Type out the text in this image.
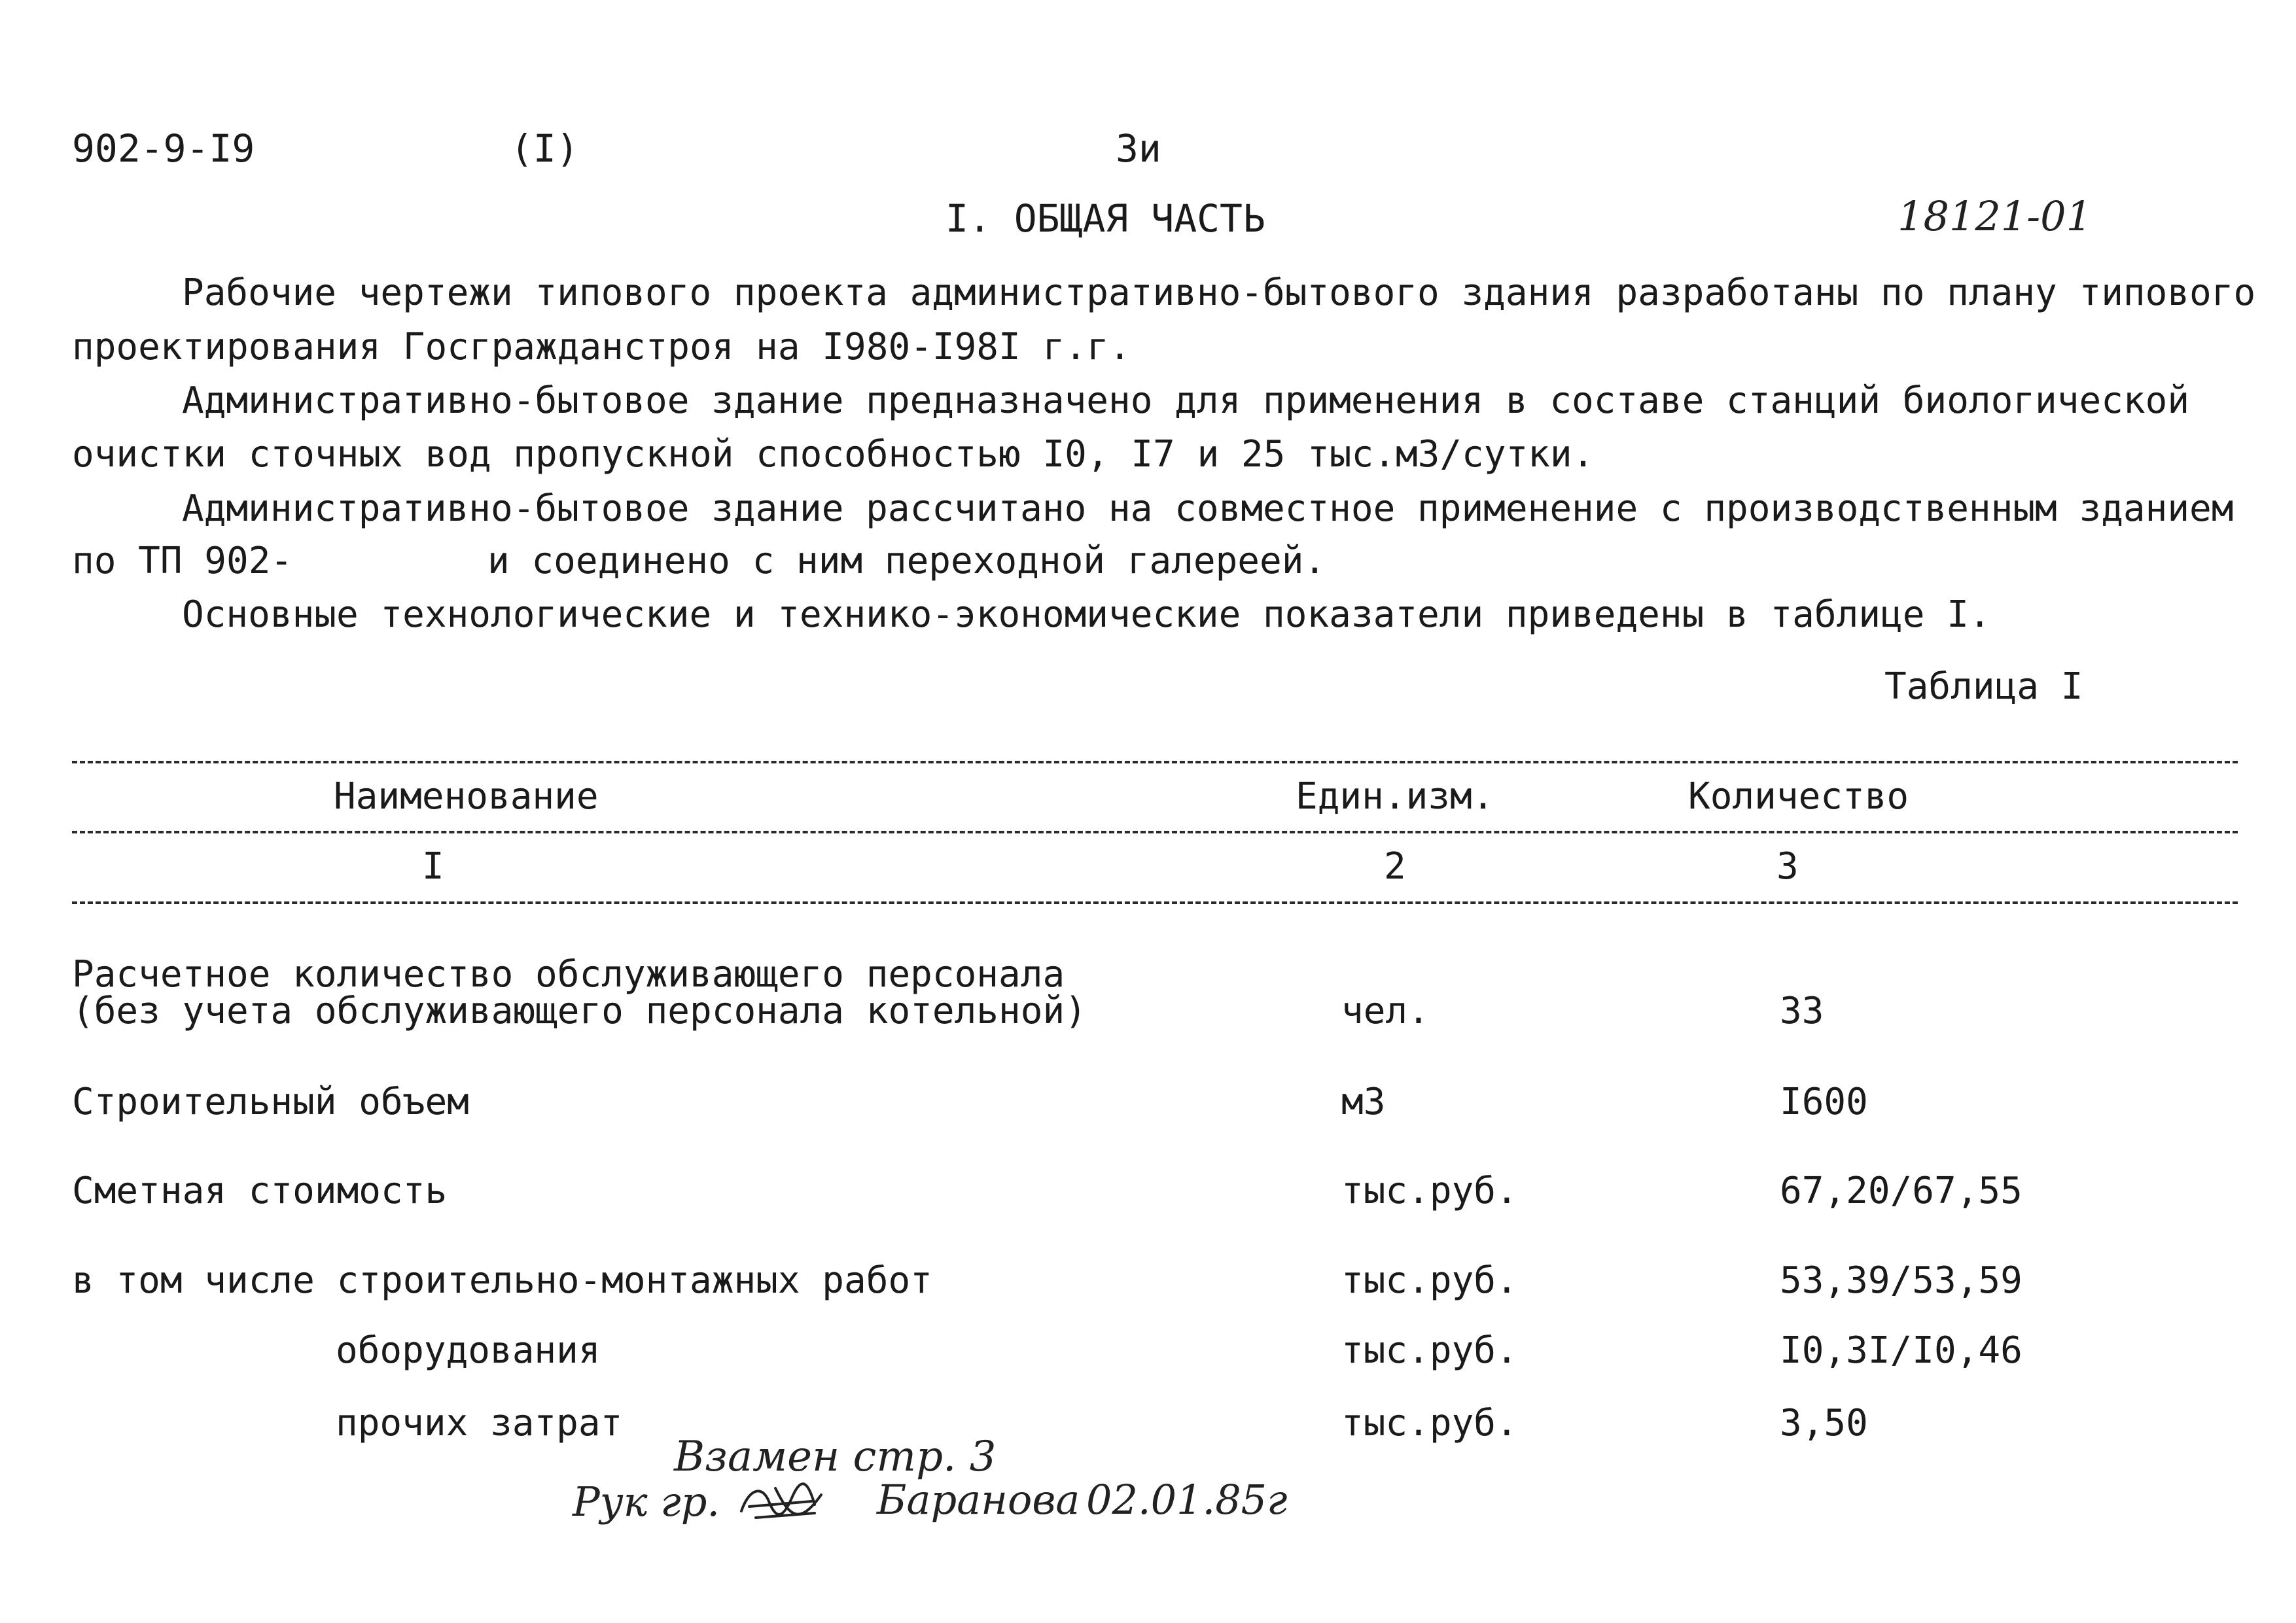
902-9-I9	(I)	3и
I. ОБЩАЯ ЧАСТЬ	18121-01
Рабочие чертежи типового проекта административно-бытового здания разработаны по плану типового
проектирования Госгражданстроя на I980-I98I г.г.
Административно-бытовое здание предназначено для применения в составе станций биологической
очистки сточных вод пропускной способностью I0, I7 и 25 тыс.м3/сутки.
Административно-бытовое здание рассчитано на совместное применение с производственным зданием
по ТП 902-	и соединено с ним переходной галереей.
Основные технологические и технико-экономические показатели приведены в таблице I.
Таблица I
Наименование	Един.изм.	Количество
I	2	3
Расчетное количество обслуживающего персонала
(без учета обслуживающего персонала котельной)	чел.	33
Строительный объем	м3	I600
Сметная стоимость	тыс.руб.	67,20/67,55
в том числе строительно-монтажных работ	тыс.руб.	53,39/53,59
оборудования	тыс.руб.	I0,3I/I0,46
прочих затрат	тыс.руб.	3,50
Взамен стр. 3
Рук гр.	Баранова 02.01.85г
